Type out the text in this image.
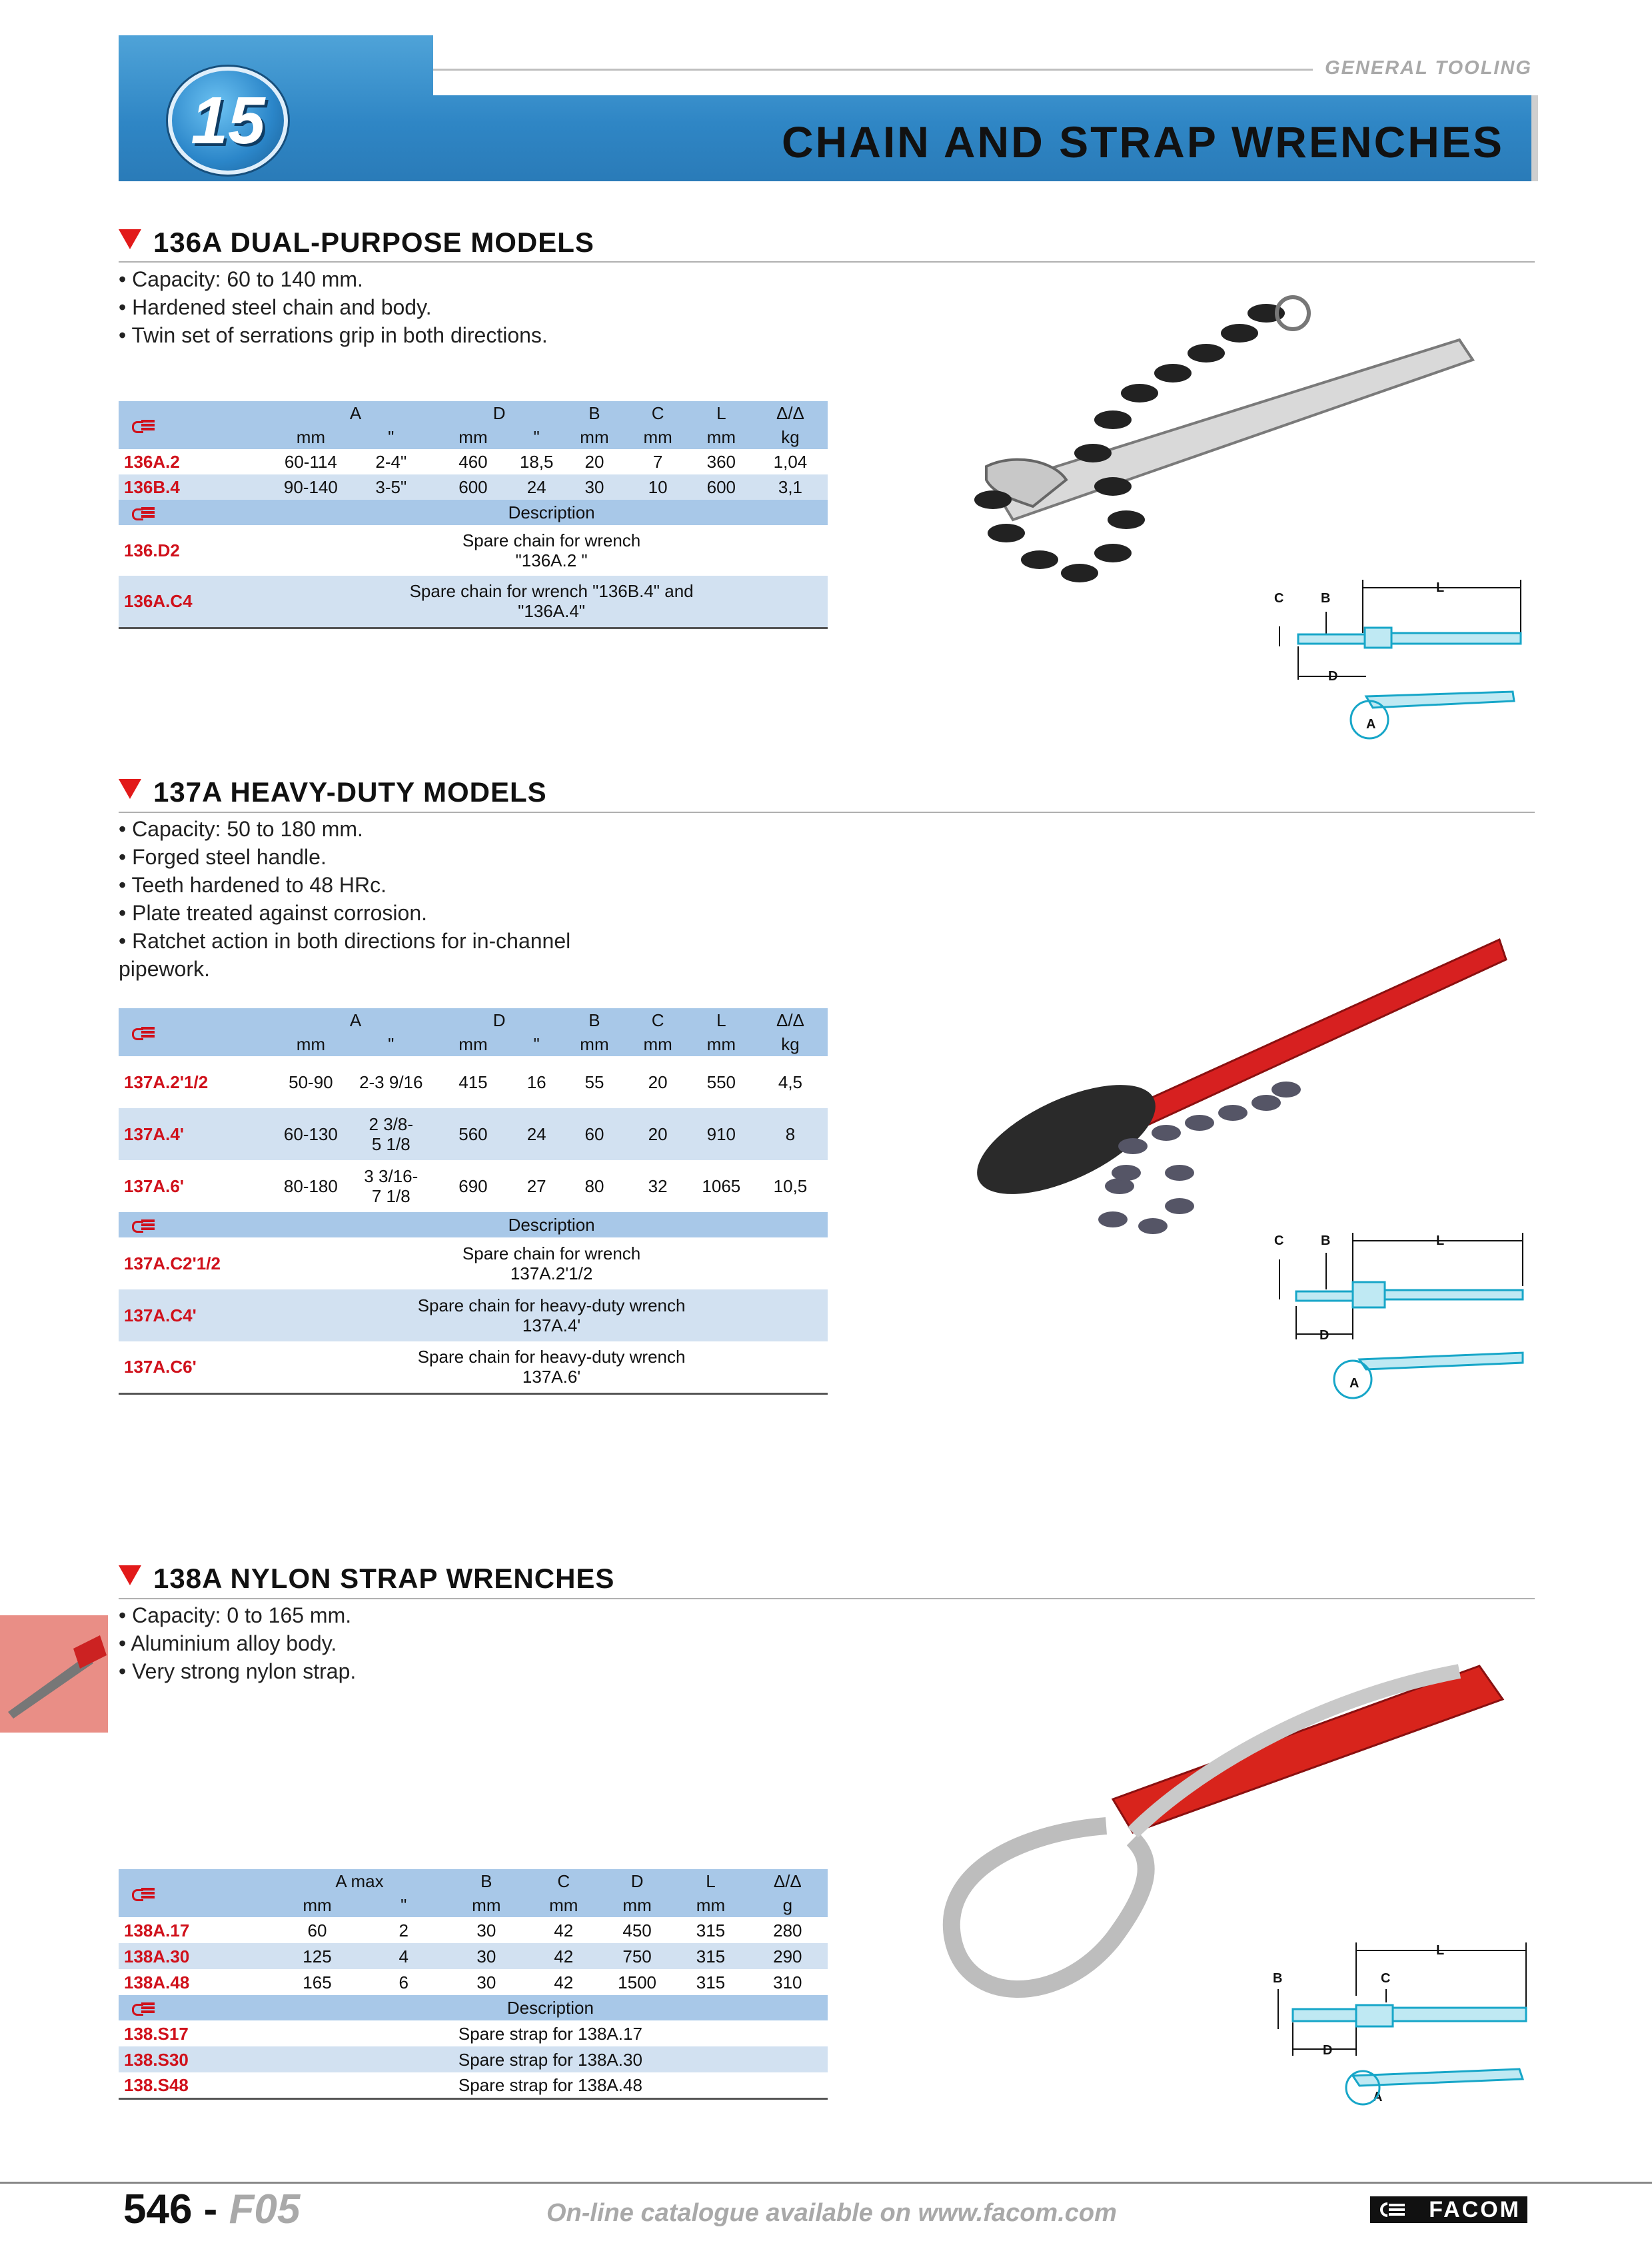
GENERAL TOOLING
CHAIN AND STRAP WRENCHES
15
136A DUAL-PURPOSE MODELS
• Capacity: 60 to 140 mm.
• Hardened steel chain and body.
• Twin set of serrations grip in both directions.
	A		D		B	C	L	Δ/Δ
	mm	"	mm	"	mm	mm	mm	kg
136A.2	60-114	2-4"	460	18,5	20	7	360	1,04
136B.4	90-140	3-5"	600	24	30	10	600	3,1
	Description							
136.D2	Spare chain for wrench
"136A.2 "							

136A.C4	Spare chain for wrench "136B.4" and
"136A.4"							
C	B
L
D
A
137A HEAVY-DUTY MODELS
• Capacity: 50 to 180 mm.
• Forged steel handle.
• Teeth hardened to 48 HRc.
• Plate treated against corrosion.
• Ratchet action in both directions for in-channel
pipework.
	A		D		B	C	L	Δ/Δ
	mm	"	mm	"	mm	mm	mm	kg
137A.2'1/2	50-90	2-3 9/16	415	16	55	20	550	4,5
137A.4'	60-130	2 3/8-
5 1/8	560	24	60	20	910	8
137A.6'	80-180	3 3/16-
7 1/8	690	27	80	32	1065	10,5
	Description							
137A.C2'1/2	Spare chain for wrench
137A.2'1/2							

137A.C4'	Spare chain for heavy-duty wrench
137A.4'							

137A.C6'	Spare chain for heavy-duty wrench
137A.6'							
C	B	L
D
A
138A NYLON STRAP WRENCHES
• Capacity: 0 to 165 mm.
• Aluminium alloy body.
• Very strong nylon strap.
	A max		B	C	D	L	Δ/Δ
	mm	"	mm	mm	mm	mm	g
138A.17	60	2	30	42	450	315	280
138A.30	125	4	30	42	750	315	290
138A.48	165	6	30	42	1500	315	310
	Description						
138.S17	Spare strap for 138A.17						
138.S30	Spare strap for 138A.30						
138.S48	Spare strap for 138A.48						
B	C
L
D
A
546 - F05	On-line catalogue available on www.facom.com	FACOM
